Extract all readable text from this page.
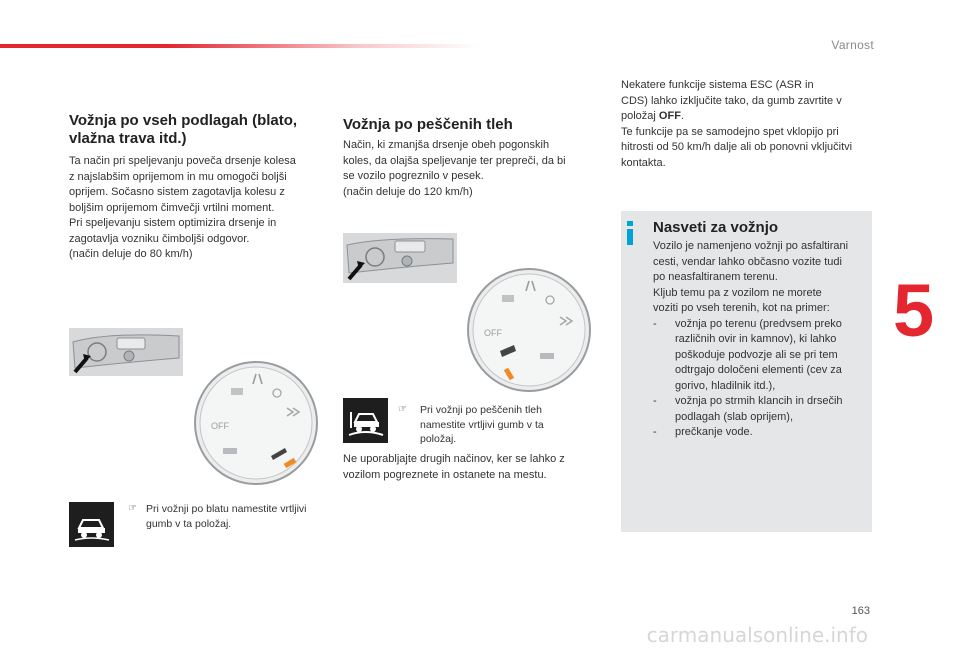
Varnost
5
163
carmanualsonline.info
Vožnja po vseh podlagah (blato, vlažna trava itd.)

Ta način pri speljevanju poveča drsenje kolesa

z najslabšim oprijemom in mu omogoči boljši

oprijem. Sočasno sistem zagotavlja kolesu z

boljšim oprijemom čimvečji vrtilni moment.

Pri speljevanju sistem optimizira drsenje in

zagotavlja vozniku čimboljši odgovor.

(način deluje do 80 km/h)

OFF
☞ Pri vožnji po blatu namestite vrtljivi gumb v ta položaj.
Vožnja po peščenih tleh

Način, ki zmanjša drsenje obeh pogonskih

koles, da olajša speljevanje ter prepreči, da bi

se vozilo pogreznilo v pesek.

(način deluje do 120 km/h)

OFF
☞	Pri vožnji po peščenih tleh namestite vrtljivi gumb v ta položaj.

Ne uporabljajte drugih načinov, ker se lahko z

vozilom pogreznete in ostanete na mestu.

Nekatere funkcije sistema ESC (ASR in

CDS) lahko izključite tako, da gumb zavrtite v

položaj OFF.

Te funkcije pa se samodejno spet vklopijo pri

hitrosti od 50 km/h dalje ali ob ponovni vključitvi

kontakta.

Nasveti za vožnjo

Vozilo je namenjeno vožnji po asfaltirani

cesti, vendar lahko občasno vozite tudi

po neasfaltiranem terenu.

Kljub temu pa z vozilom ne morete

voziti po vseh terenih, kot na primer:

- vožnja po terenu (predvsem preko različnih ovir in kamnov), ki lahko poškoduje podvozje ali se pri tem odtrgajo določeni elementi (cev za gorivo, hladilnik itd.),
- vožnja po strmih klancih in drsečih podlagah (slab oprijem),
- prečkanje vode.
